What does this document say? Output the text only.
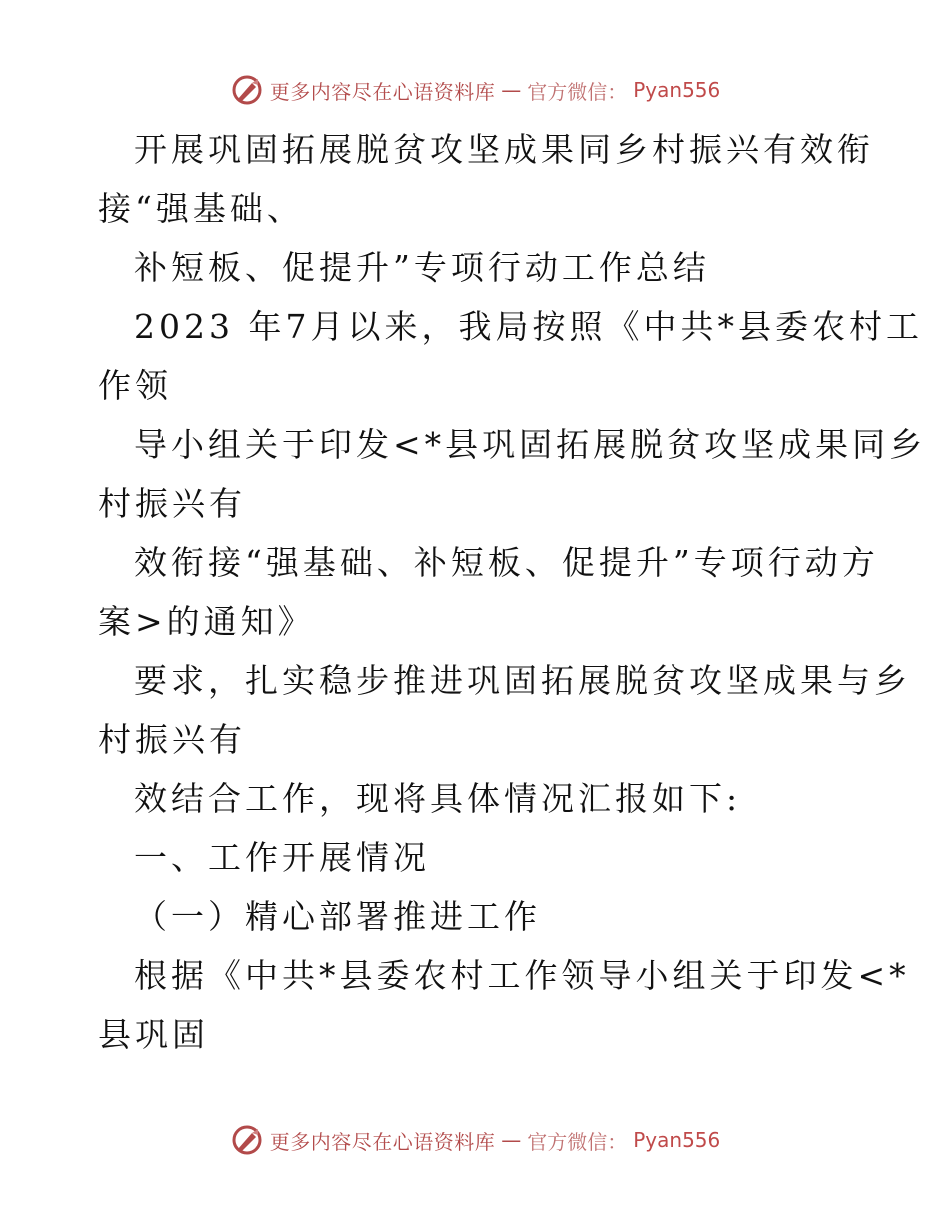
更多内容尽在心语资料库 — 官方微信： Pyan556
开展巩固拓展脱贫攻坚成果同乡村振兴有效衔
接“强基础、
补短板、促提升”专项行动工作总结
2023 年7月以来，我局按照《中共*县委农村工
作领
导小组关于印发<*县巩固拓展脱贫攻坚成果同乡
村振兴有
效衔接“强基础、补短板、促提升”专项行动方
案>的通知》
要求，扎实稳步推进巩固拓展脱贫攻坚成果与乡
村振兴有
效结合工作，现将具体情况汇报如下:
一、工作开展情况
（一）精心部署推进工作
根据《中共*县委农村工作领导小组关于印发<*
县巩固
更多内容尽在心语资料库 — 官方微信： Pyan556
